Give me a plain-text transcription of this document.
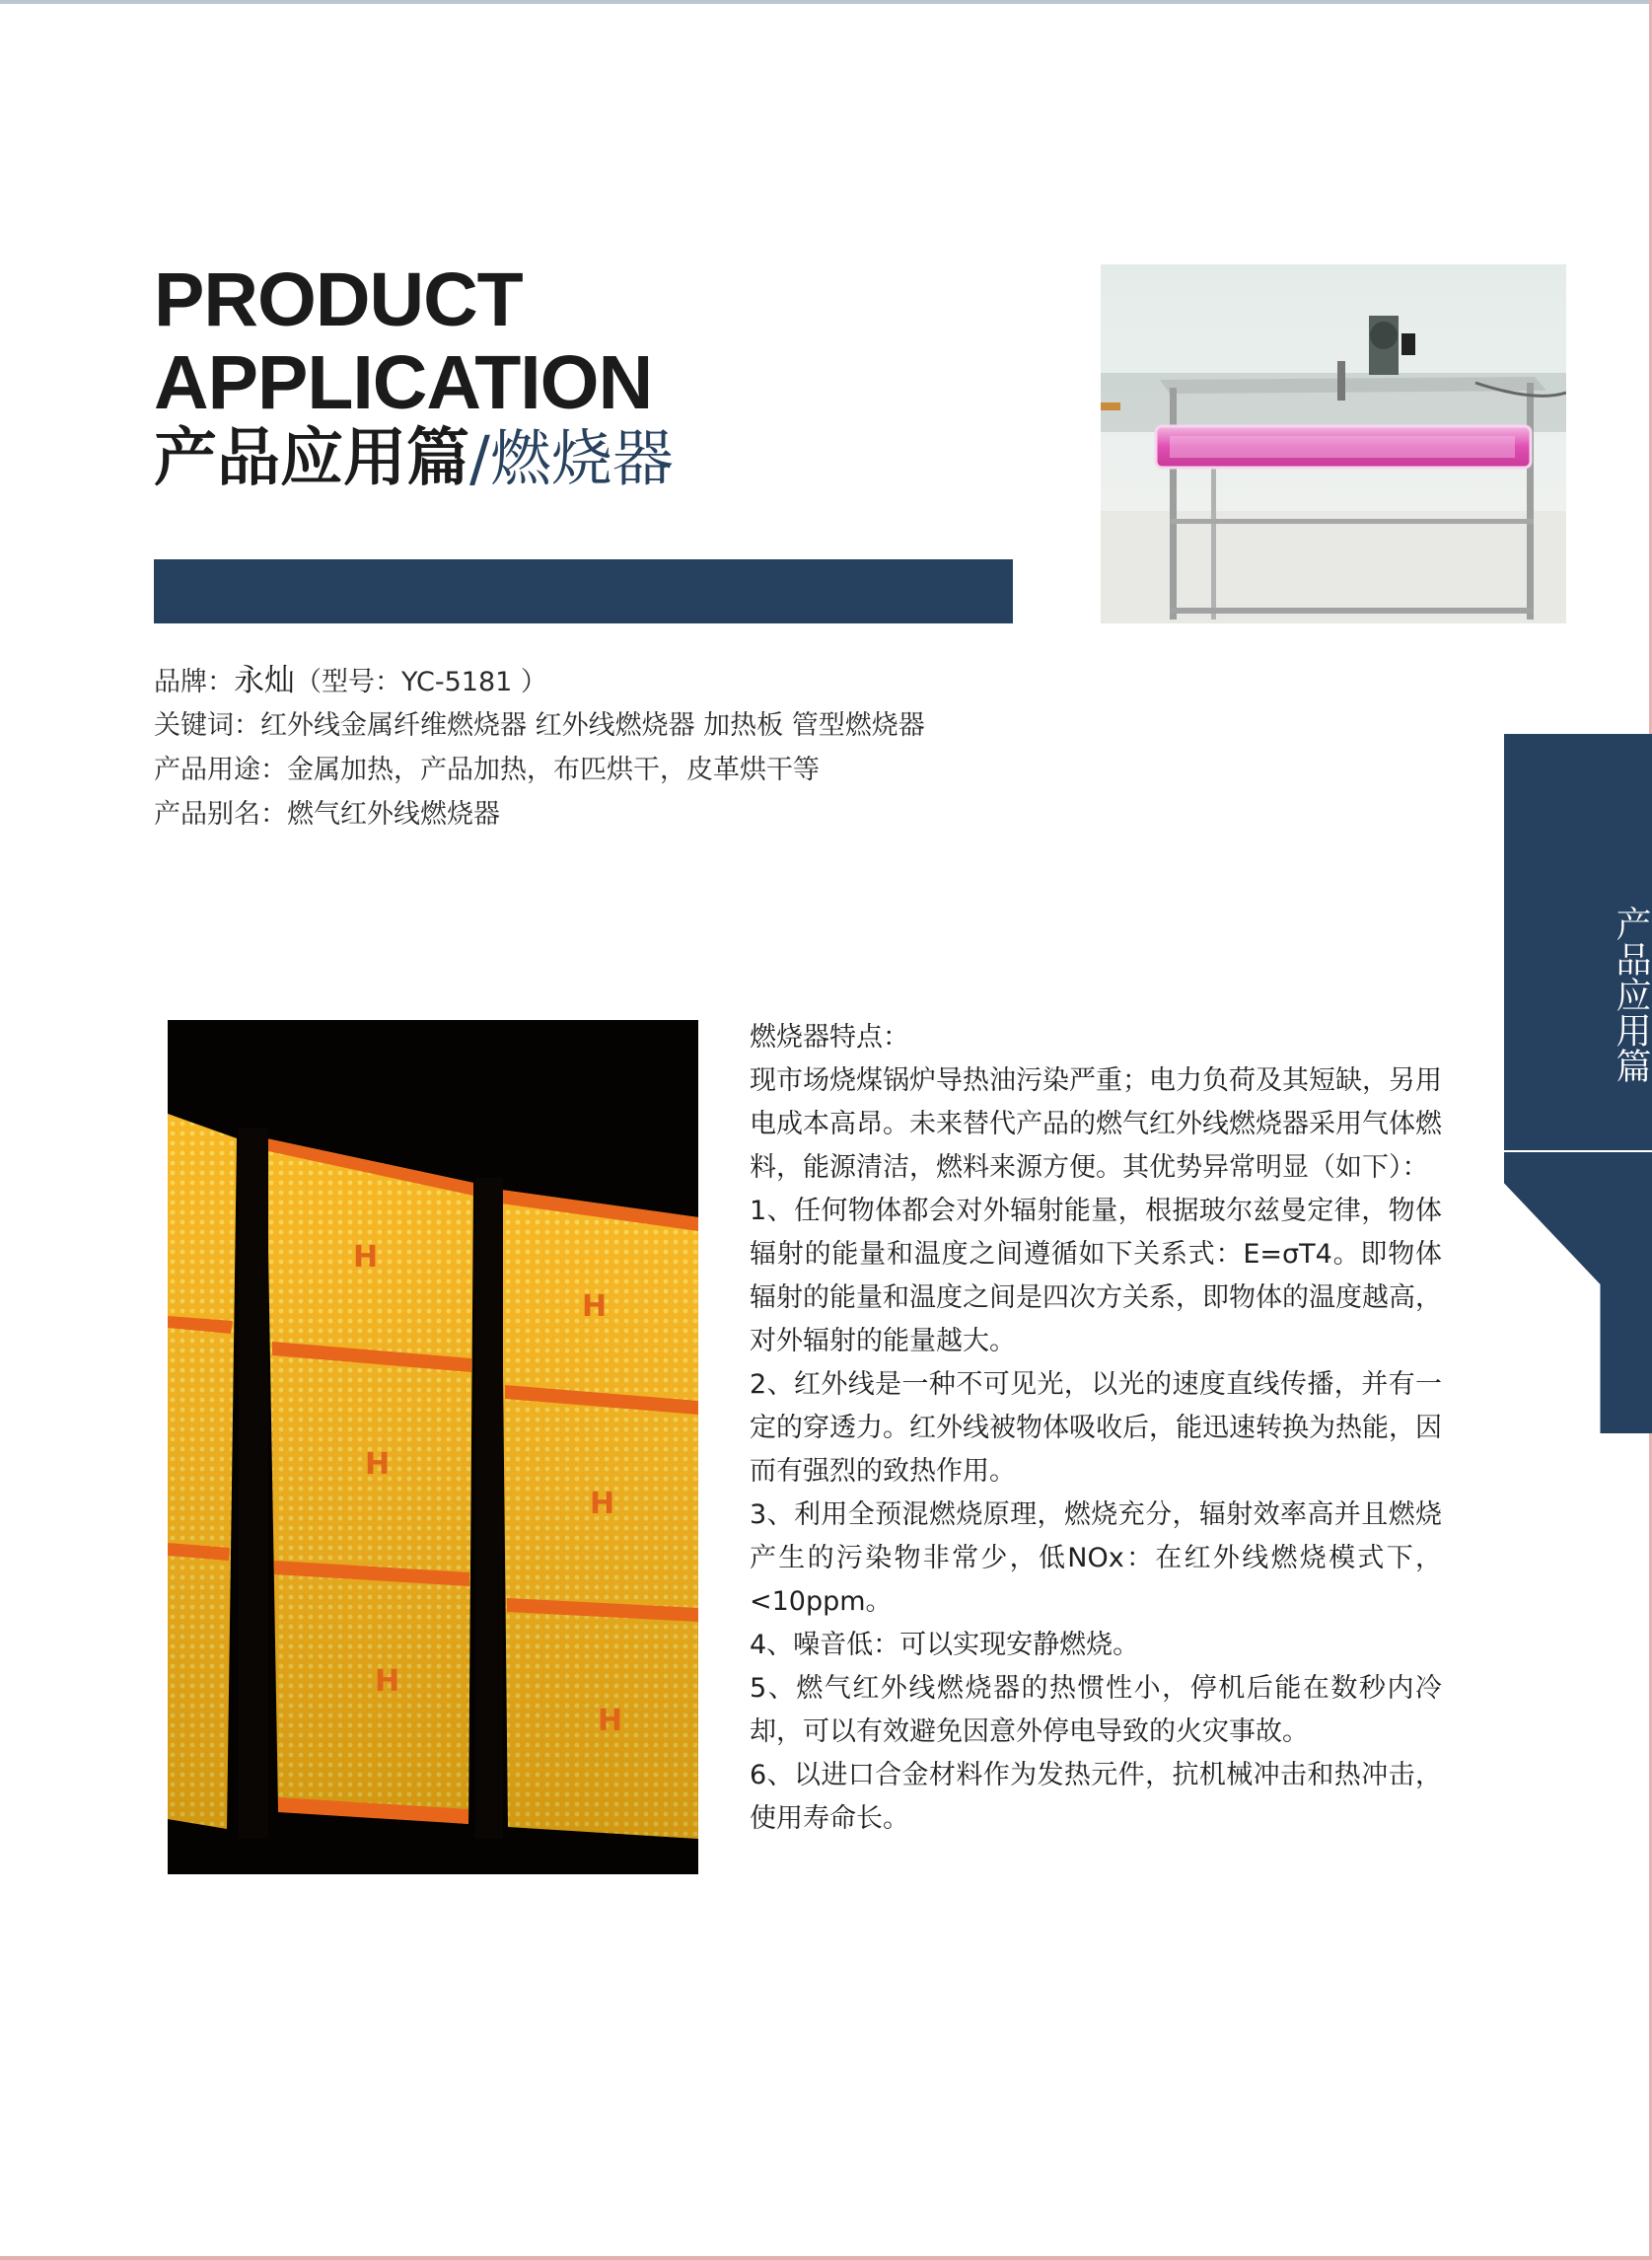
PRODUCT
APPLICATION
产品应用篇/燃烧器
品牌：永灿（型号：YC-5181 ）
关键词：红外线金属纤维燃烧器 红外线燃烧器 加热板 管型燃烧器
产品用途：金属加热，产品加热，布匹烘干，皮革烘干等
产品别名：燃气红外线燃烧器
产品应用篇
H
H
H
H
H
H

燃烧器特点：

现市场烧煤锅炉导热油污染严重；电力负荷及其短缺，另用电成本高昂。未来替代产品的燃气红外线燃烧器采用气体燃料，能源清洁，燃料来源方便。其优势异常明显（如下）：

1、任何物体都会对外辐射能量，根据玻尔兹曼定律，物体辐射的能量和温度之间遵循如下关系式：E=σT4。即物体辐射的能量和温度之间是四次方关系，即物体的温度越高，对外辐射的能量越大。

2、红外线是一种不可见光，以光的速度直线传播，并有一定的穿透力。红外线被物体吸收后，能迅速转换为热能，因而有强烈的致热作用。

3、利用全预混燃烧原理，燃烧充分，辐射效率高并且燃烧产生的污染物非常少，低NOx：在红外线燃烧模式下，<10ppm。

4、噪音低：可以实现安静燃烧。

5、燃气红外线燃烧器的热惯性小，停机后能在数秒内冷却，可以有效避免因意外停电导致的火灾事故。

6、以进口合金材料作为发热元件，抗机械冲击和热冲击，使用寿命长。
